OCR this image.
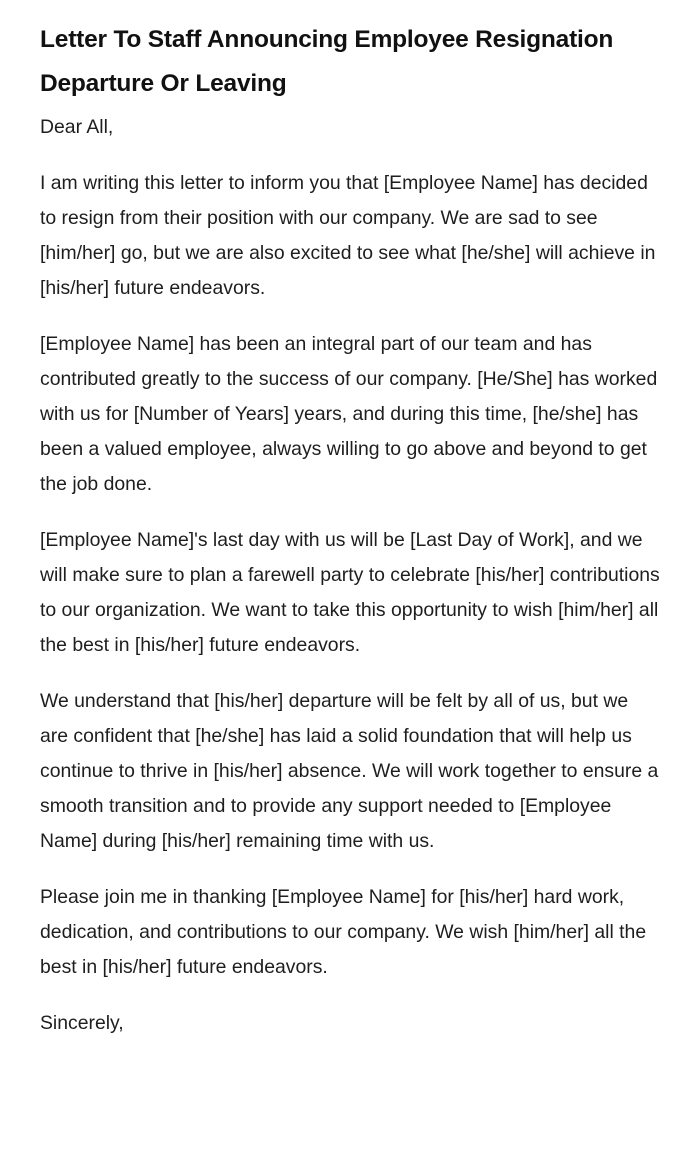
Letter To Staff Announcing Employee Resignation Departure Or Leaving

Dear All,

I am writing this letter to inform you that [Employee Name] has decided to resign from their position with our company. We are sad to see [him/her] go, but we are also excited to see what [he/she] will achieve in [his/her] future endeavors.

[Employee Name] has been an integral part of our team and has contributed greatly to the success of our company. [He/She] has worked with us for [Number of Years] years, and during this time, [he/she] has been a valued employee, always willing to go above and beyond to get the job done.

[Employee Name]'s last day with us will be [Last Day of Work], and we will make sure to plan a farewell party to celebrate [his/her] contributions to our organization. We want to take this opportunity to wish [him/her] all the best in [his/her] future endeavors.

We understand that [his/her] departure will be felt by all of us, but we are confident that [he/she] has laid a solid foundation that will help us continue to thrive in [his/her] absence. We will work together to ensure a smooth transition and to provide any support needed to [Employee Name] during [his/her] remaining time with us.

Please join me in thanking [Employee Name] for [his/her] hard work, dedication, and contributions to our company. We wish [him/her] all the best in [his/her] future endeavors.

Sincerely,
